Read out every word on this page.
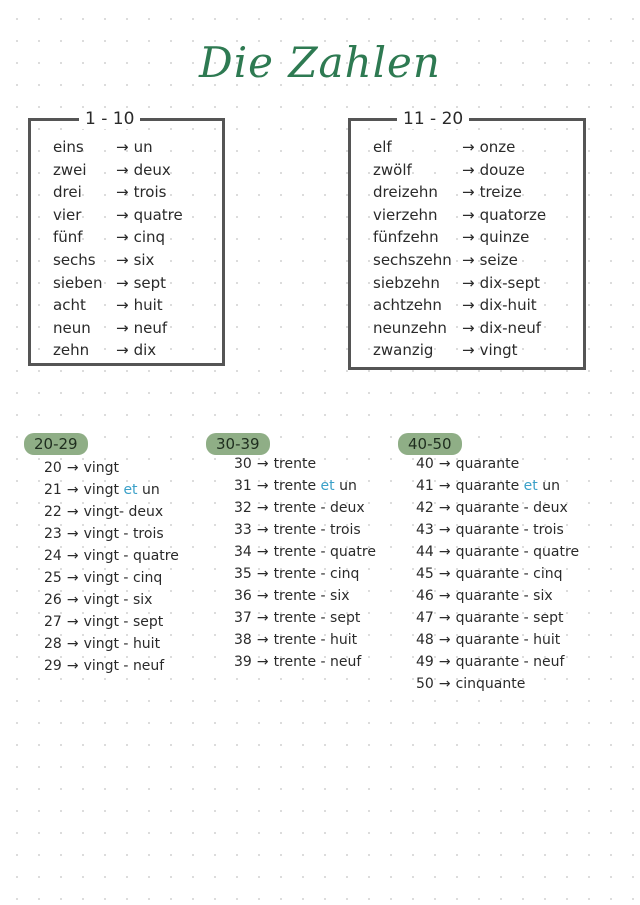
Die Zahlen
1 - 10
eins → un
zwei → deux
drei → trois
vier → quatre
fünf → cinq
sechs → six
sieben → sept
acht → huit
neun → neuf
zehn → dix
11 - 20
elf	→ onze
zwölf	→ douze
dreizehn → treize
vierzehn → quatorze
fünfzehn → quinze
sechszehn → seize
siebzehn → dix-sept
achtzehn → dix-huit
neunzehn → dix-neuf
zwanzig → vingt
20-29	30-39	40-50
20 → vingt
21 → vingt et un
22 → vingt- deux
23 → vingt - trois
24 → vingt - quatre
25 → vingt - cinq
26 → vingt - six
27 → vingt - sept
28 → vingt - huit
29 → vingt - neuf
30 → trente
31 → trente et un
32 → trente - deux
33 → trente - trois
34 → trente - quatre
35 → trente - cinq
36 → trente - six
37 → trente - sept
38 → trente - huit
39 → trente - neuf
40 → quarante
41 → quarante et un
42 → quarante - deux
43 → quarante - trois
44 → quarante - quatre
45 → quarante - cinq
46 → quarante - six
47 → quarante - sept
48 → quarante - huit
49 → quarante - neuf
50 → cinquante
